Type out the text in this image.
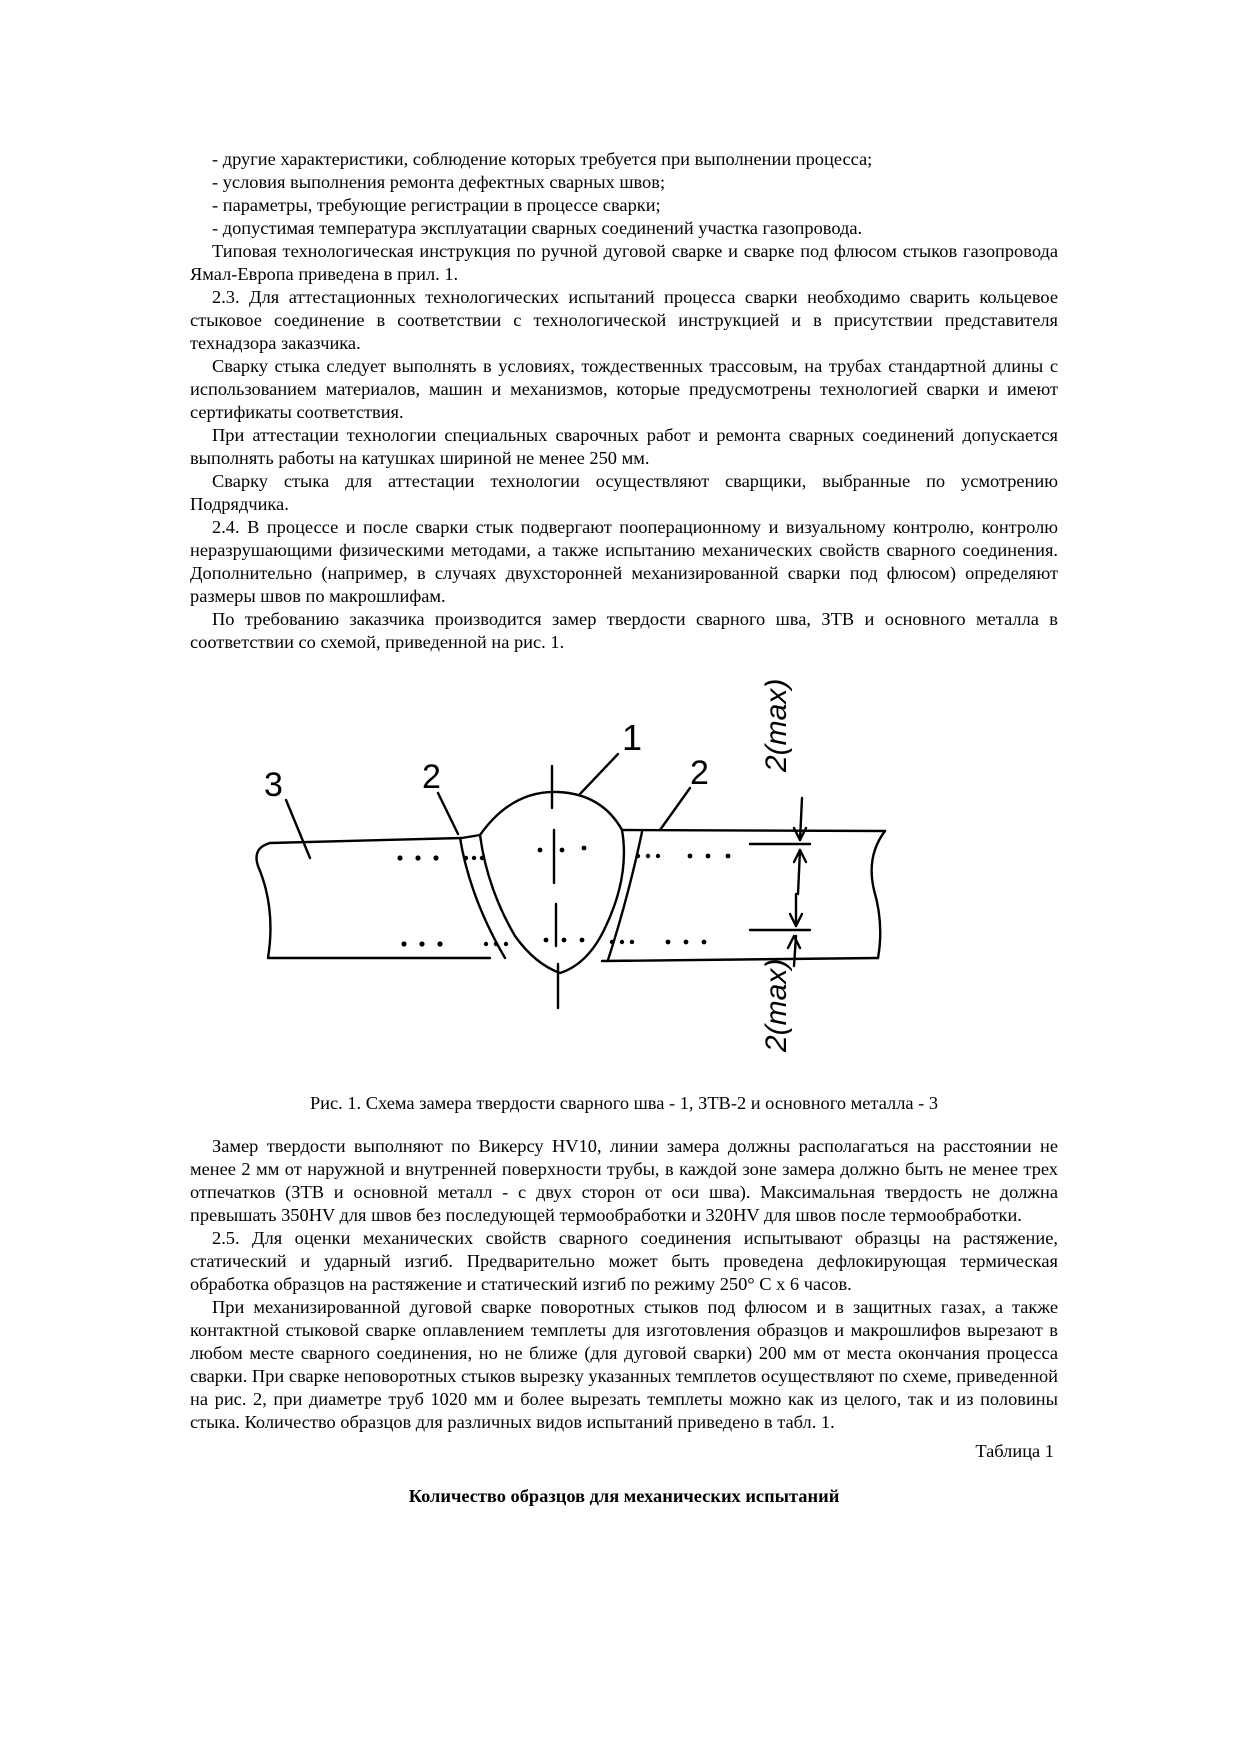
- другие характеристики, соблюдение которых требуется при выполнении процесса;
- условия выполнения ремонта дефектных сварных швов;
- параметры, требующие регистрации в процессе сварки;
- допустимая температура эксплуатации сварных соединений участка газопровода.

Типовая технологическая инструкция по ручной дуговой сварке и сварке под флюсом стыков газопровода Ямал-Европа приведена в прил. 1.

2.3. Для аттестационных технологических испытаний процесса сварки необходимо сварить кольцевое стыковое соединение в соответствии с технологической инструкцией и в присутствии представителя технадзора заказчика.

Сварку стыка следует выполнять в условиях, тождественных трассовым, на трубах стандартной длины с использованием материалов, машин и механизмов, которые предусмотрены технологией сварки и имеют сертификаты соответствия.

При аттестации технологии специальных сварочных работ и ремонта сварных соединений допускается выполнять работы на катушках шириной не менее 250 мм.

Сварку стыка для аттестации технологии осуществляют сварщики, выбранные по усмотрению Подрядчика.

2.4. В процессе и после сварки стык подвергают пооперационному и визуальному контролю, контролю неразрушающими физическими методами, а также испытанию механических свойств сварного соединения. Дополнительно (например, в случаях двухсторонней механизированной сварки под флюсом) определяют размеры швов по макрошлифам.

По требованию заказчика производится замер твердости сварного шва, ЗТВ и основного металла в соответствии со схемой, приведенной на рис. 1.

1
2	2
3
2(max)
2(max)

Рис. 1. Схема замера твердости сварного шва - 1, ЗТВ-2 и основного металла - 3

Замер твердости выполняют по Викерсу HV10, линии замера должны располагаться на расстоянии не менее 2 мм от наружной и внутренней поверхности трубы, в каждой зоне замера должно быть не менее трех отпечатков (ЗТВ и основной металл - с двух сторон от оси шва). Максимальная твердость не должна превышать 350HV для швов без последующей термообработки и 320HV для швов после термообработки.

2.5. Для оценки механических свойств сварного соединения испытывают образцы на растяжение, статический и ударный изгиб. Предварительно может быть проведена дефлокирующая термическая обработка образцов на растяжение и статический изгиб по режиму 250° С х 6 часов.

При механизированной дуговой сварке поворотных стыков под флюсом и в защитных газах, а также контактной стыковой сварке оплавлением темплеты для изготовления образцов и макрошлифов вырезают в любом месте сварного соединения, но не ближе (для дуговой сварки) 200 мм от места окончания процесса сварки. При сварке неповоротных стыков вырезку указанных темплетов осуществляют по схеме, приведенной на рис. 2, при диаметре труб 1020 мм и более вырезать темплеты можно как из целого, так и из половины стыка. Количество образцов для различных видов испытаний приведено в табл. 1.

Таблица 1
Количество образцов для механических испытаний
